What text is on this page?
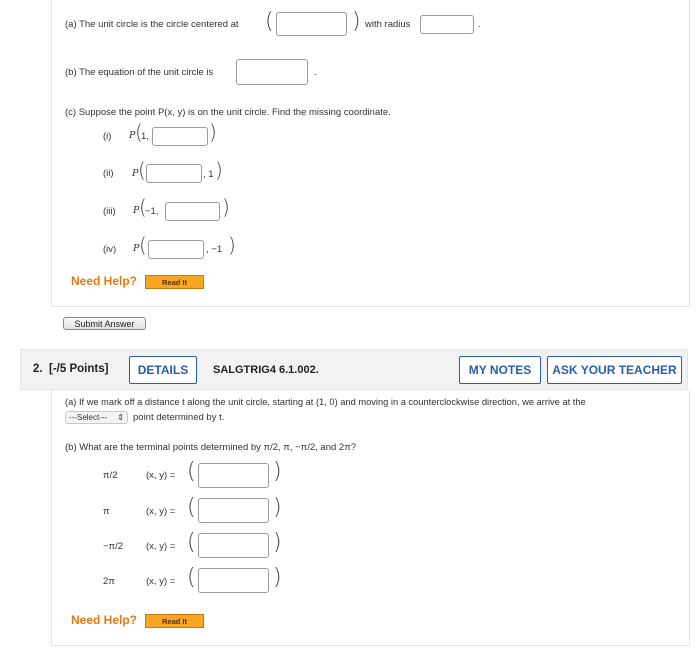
(a) The unit circle is the circle centered at (	) with radius	.
(b) The equation of the unit circle is	.
(c) Suppose the point P(x, y) is on the unit circle. Find the missing coordinate.
(i) P (
1,	)
(ii) P (	, 1 )
(iii) P (
−1,	)
(iv) P (	, −1 )
Need Help?	Read It
Submit Answer
2. [-/5 Points]	DETAILS	SALGTRIG4 6.1.002.	MY NOTES	ASK YOUR TEACHER
(a) If we mark off a distance t along the unit circle, starting at (1, 0) and moving in a counterclockwise direction, we arrive at the
---Select--- ⇕ point determined by t.
(b) What are the terminal points determined by π/2, π, −π/2, and 2π?
π/2	(x, y) = (	)
π	(x, y) = (	)
−π/2 (x, y) = (	)
2π	(x, y) = (	)
Need Help?	Read It
